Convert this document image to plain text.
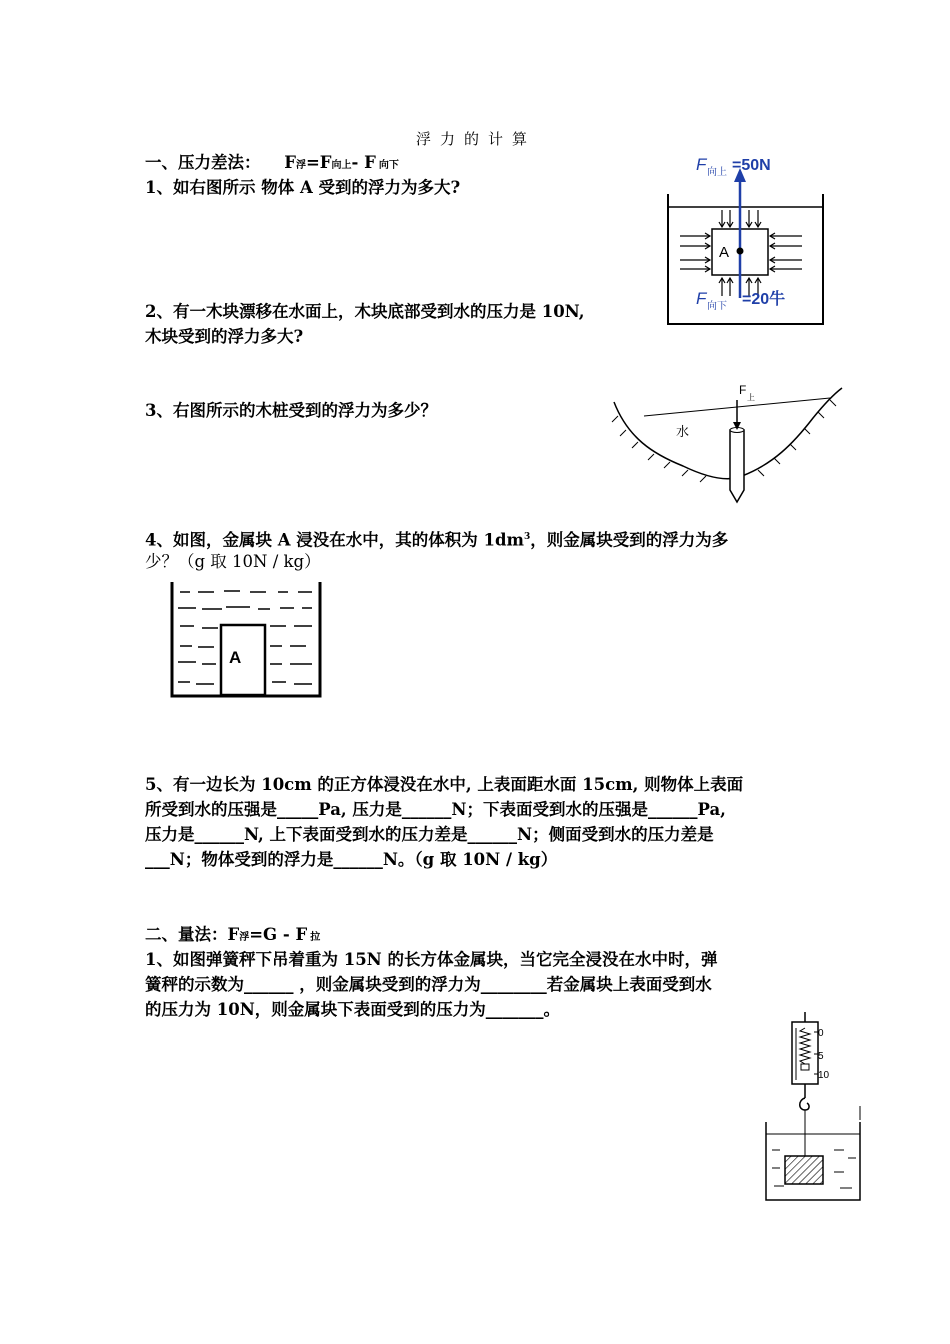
浮力的计算
一、压力差法： F浮=F向上- F 向下
1、如右图所示 物体 A 受到的浮力为多大?
2、有一木块漂移在水面上，木块底部受到水的压力是 10N,
木块受到的浮力多大?
3、右图所示的木桩受到的浮力为多少？
4、如图，金属块 A 浸没在水中，其的体积为 $1dm^3$，则金属块受到的浮力为多
少？（g 取 10N / kg）
5、有一边长为 10cm 的正方体浸没在水中, 上表面距水面 15cm, 则物体上表面
所受到水的压强是_____Pa, 压力是______N；下表面受到水的压强是______Pa,
压力是______N, 上下表面受到水的压力差是______N；侧面受到水的压力差是
___N；物体受到的浮力是______N。（g 取 10N / kg）
二、量法：F浮=G - F 拉
1、如图弹簧秤下吊着重为 15N 的长方体金属块，当它完全浸没在水中时，弹
簧秤的示数为______ ，则金属块受到的浮力为________若金属块上表面受到水
的压力为 10N，则金属块下表面受到的压力为_______。
A
F 向上 =50N
F 向下 =20牛
F
上
水
A
0
5
10
